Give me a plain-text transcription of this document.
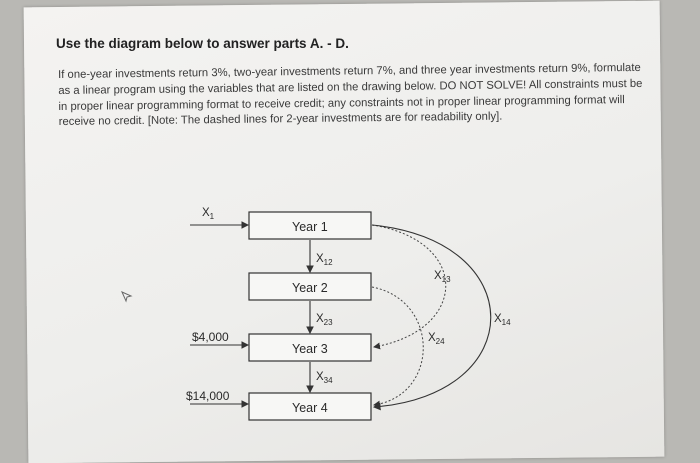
Use the diagram below to answer parts A. - D.
If one-year investments return 3%, two-year investments return 7%, and three year investments return 9%, formulate as a linear program using the variables that are listed on the drawing below. DO NOT SOLVE! All constraints must be in proper linear programming format to receive credit; any constraints not in proper linear programming format will receive no credit. [Note: The dashed lines for 2-year investments are for readability only].
Year 1
Year 2
Year 3
Year 4
X1
X12
X23
X34
X13
X24
X14
$4,000
$14,000
